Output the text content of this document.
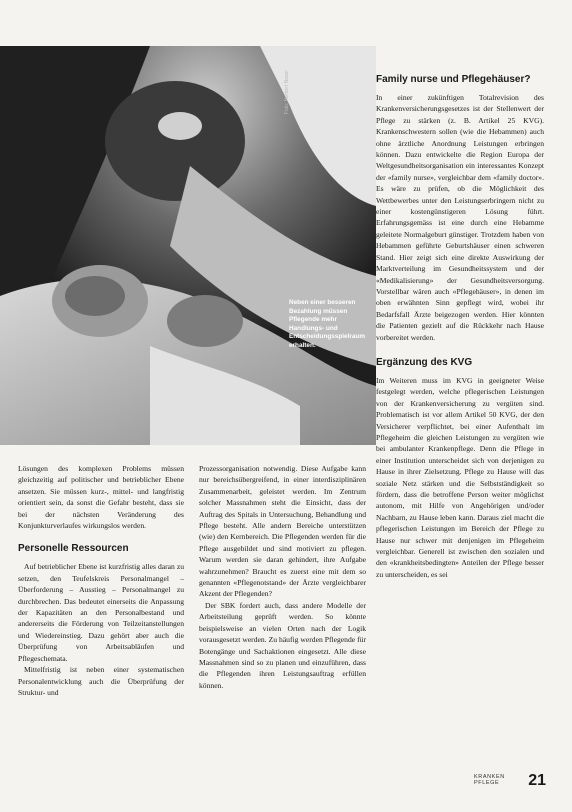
Foto: Herbert Noser
Neben einer besseren Bezahlung müssen Pflegende mehr Handlungs- und Entscheidungsspielraum erhalten.
Family nurse und Pflegehäuser?

In einer zukünftigen Totalrevision des Krankenversicherungsgesetzes ist der Stellenwert der Pflege zu stärken (z. B. Artikel 25 KVG). Krankenschwestern sollen (wie die Hebammen) auch ohne ärztliche Anordnung Leistungen erbringen können. Dazu entwickelte die Region Europa der Weltgesundheitsorganisation ein interessantes Konzept der «family nurse», vergleichbar dem «family doctor». Es wäre zu prüfen, ob die Möglichkeit des Wettbewerbes unter den Leistungserbringern nicht zu einer kostengünstigeren Lösung führt. Erfahrungsgemäss ist eine durch eine Hebamme geleitete Normalgeburt günstiger. Trotzdem haben von Hebammen geführte Geburtshäuser einen schweren Stand. Hier zeigt sich eine direkte Auswirkung der Marktverteilung im Gesundheitssystem und der «Medikalisierung» der Gesundheitsversorgung. Vorstellbar wären auch «Pflegehäuser», in denen im oben erwähnten Sinn gepflegt wird, wobei ihr Bedarfsfall Ärzte beigezogen werden. Hier könnten die Patienten gezielt auf die Rückkehr nach Hause vorbereitet werden.

Ergänzung des KVG

Im Weiteren muss im KVG in geeigneter Weise festgelegt werden, welche pflegerischen Leistungen von der Krankenversicherung zu vergüten sind. Problematisch ist vor allem Artikel 50 KVG, der den Versicherer verpflichtet, bei einer Aufenthalt im Pflegeheim die gleichen Leistungen zu vergüten wie bei ambulanter Krankenpflege. Denn die Pflege in einer Institution unterscheidet sich von derjenigen zu Hause in ihrer Zielsetzung. Pflege zu Hause will das soziale Netz stärken und die Selbstständigkeit so fördern, dass die betroffene Person weiter möglichst autonom, mit Hilfe von Angehörigen und/oder Nachbarn, zu Hause leben kann. Daraus ziel macht die pflegerischen Leistungen im Bereich der Pflege zu Hause nur schwer mit denjenigen im Pflegeheim vergleichbar. Generell ist zwischen den sozialen und den «krankheitsbedingten» Anteilen der Pflege besser zu unterscheiden, es sei

Lösungen des komplexen Problems müssen gleichzeitig auf politischer und betrieblicher Ebene ansetzen. Sie müssen kurz-, mittel- und langfristig orientiert sein, da sonst die Gefahr besteht, dass sie bei der nächsten Veränderung des Konjunkturverlaufes wirkungslos werden.

Personelle Ressourcen

Auf betrieblicher Ebene ist kurzfristig alles daran zu setzen, den Teufelskreis Personalmangel – Überforderung – Ausstieg – Personalmangel zu durchbrechen. Das bedeutet einerseits die Anpassung der Kapazitäten an den Personalbestand und andererseits die Förderung von Teilzeitanstellungen und Wiedereinstieg. Dazu gehört aber auch die Überprüfung von Arbeitsabläufen und Pflegeschemata.

Mittelfristig ist neben einer systematischen Personalentwicklung auch die Überprüfung der Struktur- und

Prozessorganisation notwendig. Diese Aufgabe kann nur bereichsübergreifend, in einer interdisziplinären Zusammenarbeit, geleistet werden. Im Zentrum solcher Massnahmen steht die Einsicht, dass der Auftrag des Spitals in Untersuchung, Behandlung und Pflege besteht. Alle andern Bereiche unterstützen (wie) den Kernbereich. Die Pflegenden werden für die Pflege ausgebildet und sind motiviert zu pflegen. Warum werden sie daran gehindert, ihre Aufgabe wahrzunehmen? Braucht es zuerst eine mit dem so genannten «Pflegenotstand» der Ärzte vergleichbarer Akzent der Pflegenden?

Der SBK fordert auch, dass andere Modelle der Arbeitsteilung geprüft werden. So könnte beispielsweise an vielen Orten nach der Logik vorausgesetzt werden. Zu häufig werden Pflegende für Botengänge und Sachaktionen eingesetzt. Alle diese Massnahmen sind so zu planen und einzuführen, dass die Pflegenden ihren Leistungsauftrag erfüllen können.

KRANKEN
PFLEGE	21
